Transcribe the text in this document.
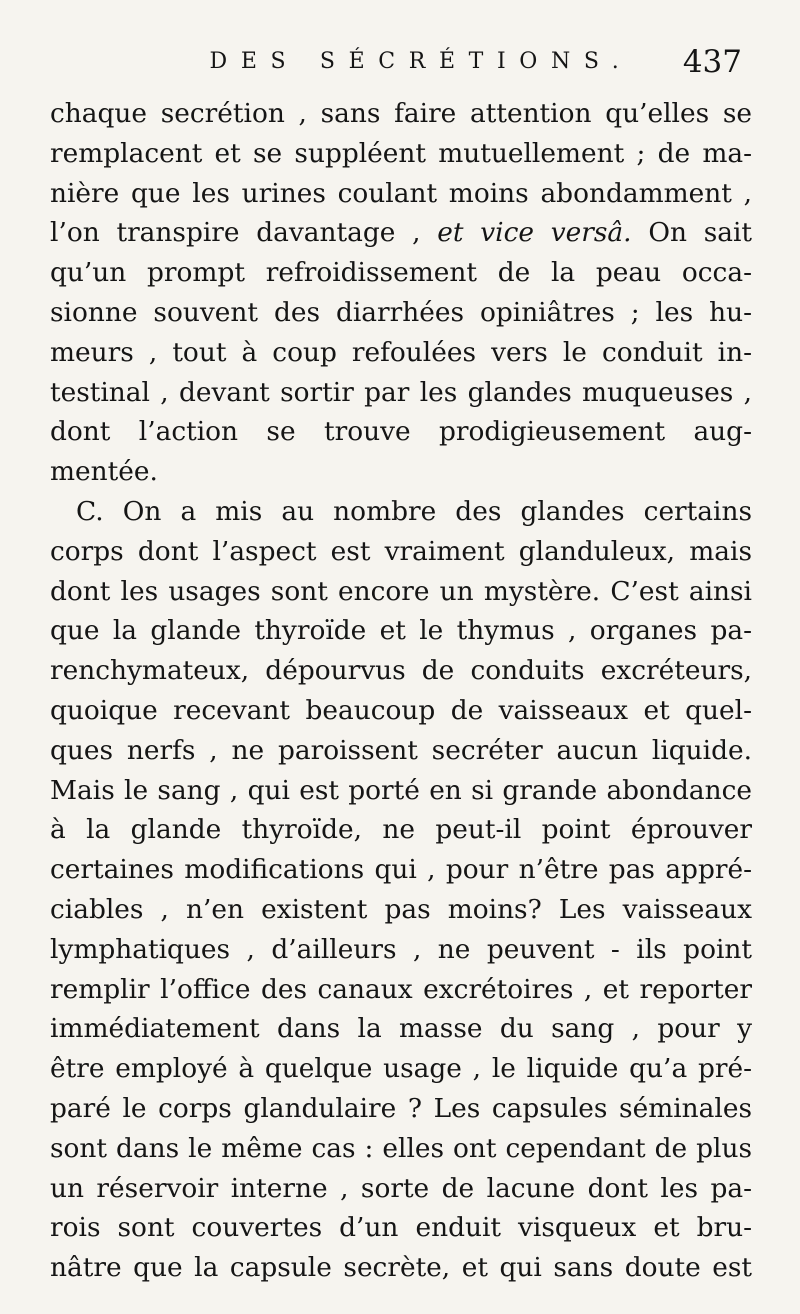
DES SÉCRÉTIONS. 437
chaque secrétion , sans faire attention qu’elles se
remplacent et se suppléent mutuellement ; de ma-
nière que les urines coulant moins abondamment ,
l’on transpire davantage , et vice versâ. On sait
qu’un prompt refroidissement de la peau occa-
sionne souvent des diarrhées opiniâtres ; les hu-
meurs , tout à coup refoulées vers le conduit in-
testinal , devant sortir par les glandes muqueuses ,
dont l’action se trouve prodigieusement aug-
mentée.
C. On a mis au nombre des glandes certains
corps dont l’aspect est vraiment glanduleux, mais
dont les usages sont encore un mystère. C’est ainsi
que la glande thyroïde et le thymus , organes pa-
renchymateux, dépourvus de conduits excréteurs,
quoique recevant beaucoup de vaisseaux et quel-
ques nerfs , ne paroissent secréter aucun liquide.
Mais le sang , qui est porté en si grande abondance
à la glande thyroïde, ne peut-il point éprouver
certaines modifications qui , pour n’être pas appré-
ciables , n’en existent pas moins? Les vaisseaux
lymphatiques , d’ailleurs , ne peuvent - ils point
remplir l’office des canaux excrétoires , et reporter
immédiatement dans la masse du sang , pour y
être employé à quelque usage , le liquide qu’a pré-
paré le corps glandulaire ? Les capsules séminales
sont dans le même cas : elles ont cependant de plus
un réservoir interne , sorte de lacune dont les pa-
rois sont couvertes d’un enduit visqueux et bru-
nâtre que la capsule secrète, et qui sans doute est
